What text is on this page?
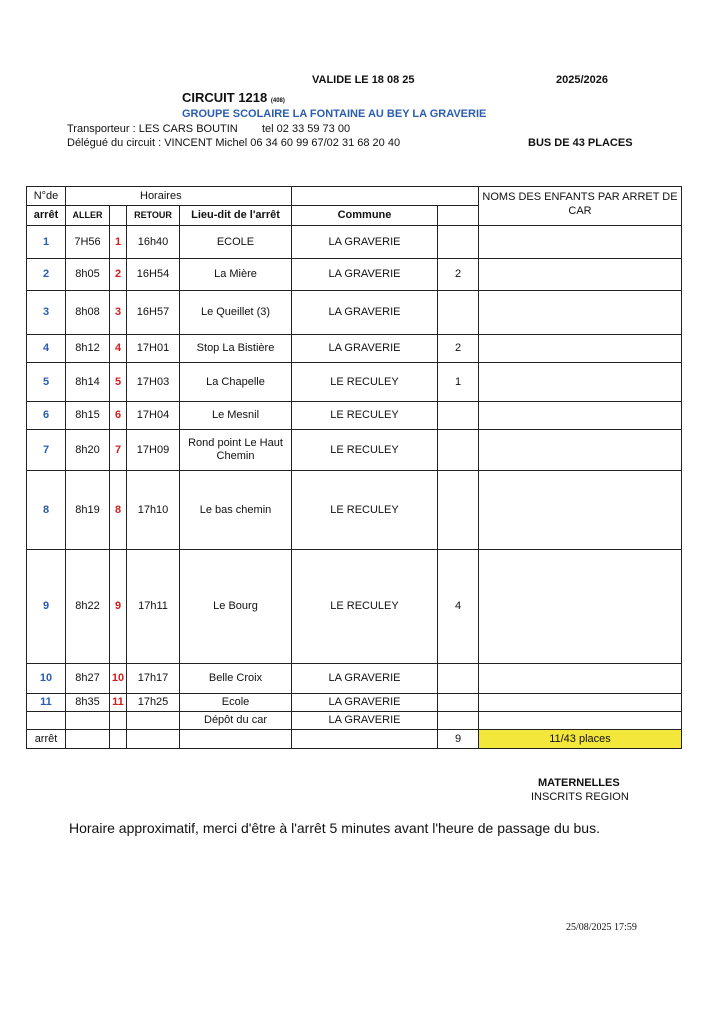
VALIDE LE 18 08 25	2025/2026
CIRCUIT 1218 (408)
GROUPE SCOLAIRE LA FONTAINE AU BEY LA GRAVERIE
Transporteur : LES CARS BOUTIN tel 02 33 59 73 00
Délégué du circuit : VINCENT Michel 06 34 60 99 67/02 31 68 20 40	BUS DE 43 PLACES
N°de	Horaires						NOMS DES ENFANTS PAR ARRET DE CAR
arrêt	ALLER		RETOUR	Lieu-dit de l'arrêt	Commune		
1	7H56	1	16h40	ECOLE	LA GRAVERIE		
2	8h05	2	16H54	La Mière	LA GRAVERIE	2	
3	8h08	3	16H57	Le Queillet (3)	LA GRAVERIE		
4	8h12	4	17H01	Stop La Bistière	LA GRAVERIE	2	
5	8h14	5	17H03	La Chapelle	LE RECULEY	1	
6	8h15	6	17H04	Le Mesnil	LE RECULEY		
7	8h20	7	17H09	Rond point Le Haut Chemin	LE RECULEY		
8	8h19	8	17h10	Le bas chemin	LE RECULEY		
9	8h22	9	17h11	Le Bourg	LE RECULEY	4	
10	8h27	10	17h17	Belle Croix	LA GRAVERIE		
11	8h35	11	17h25	Ecole	LA GRAVERIE		
				Dépôt du car	LA GRAVERIE		
arrêt						9	11/43 places
MATERNELLES
INSCRITS REGION
Horaire approximatif, merci d'être à l'arrêt 5 minutes avant l'heure de passage du bus.
25/08/2025 17:59
